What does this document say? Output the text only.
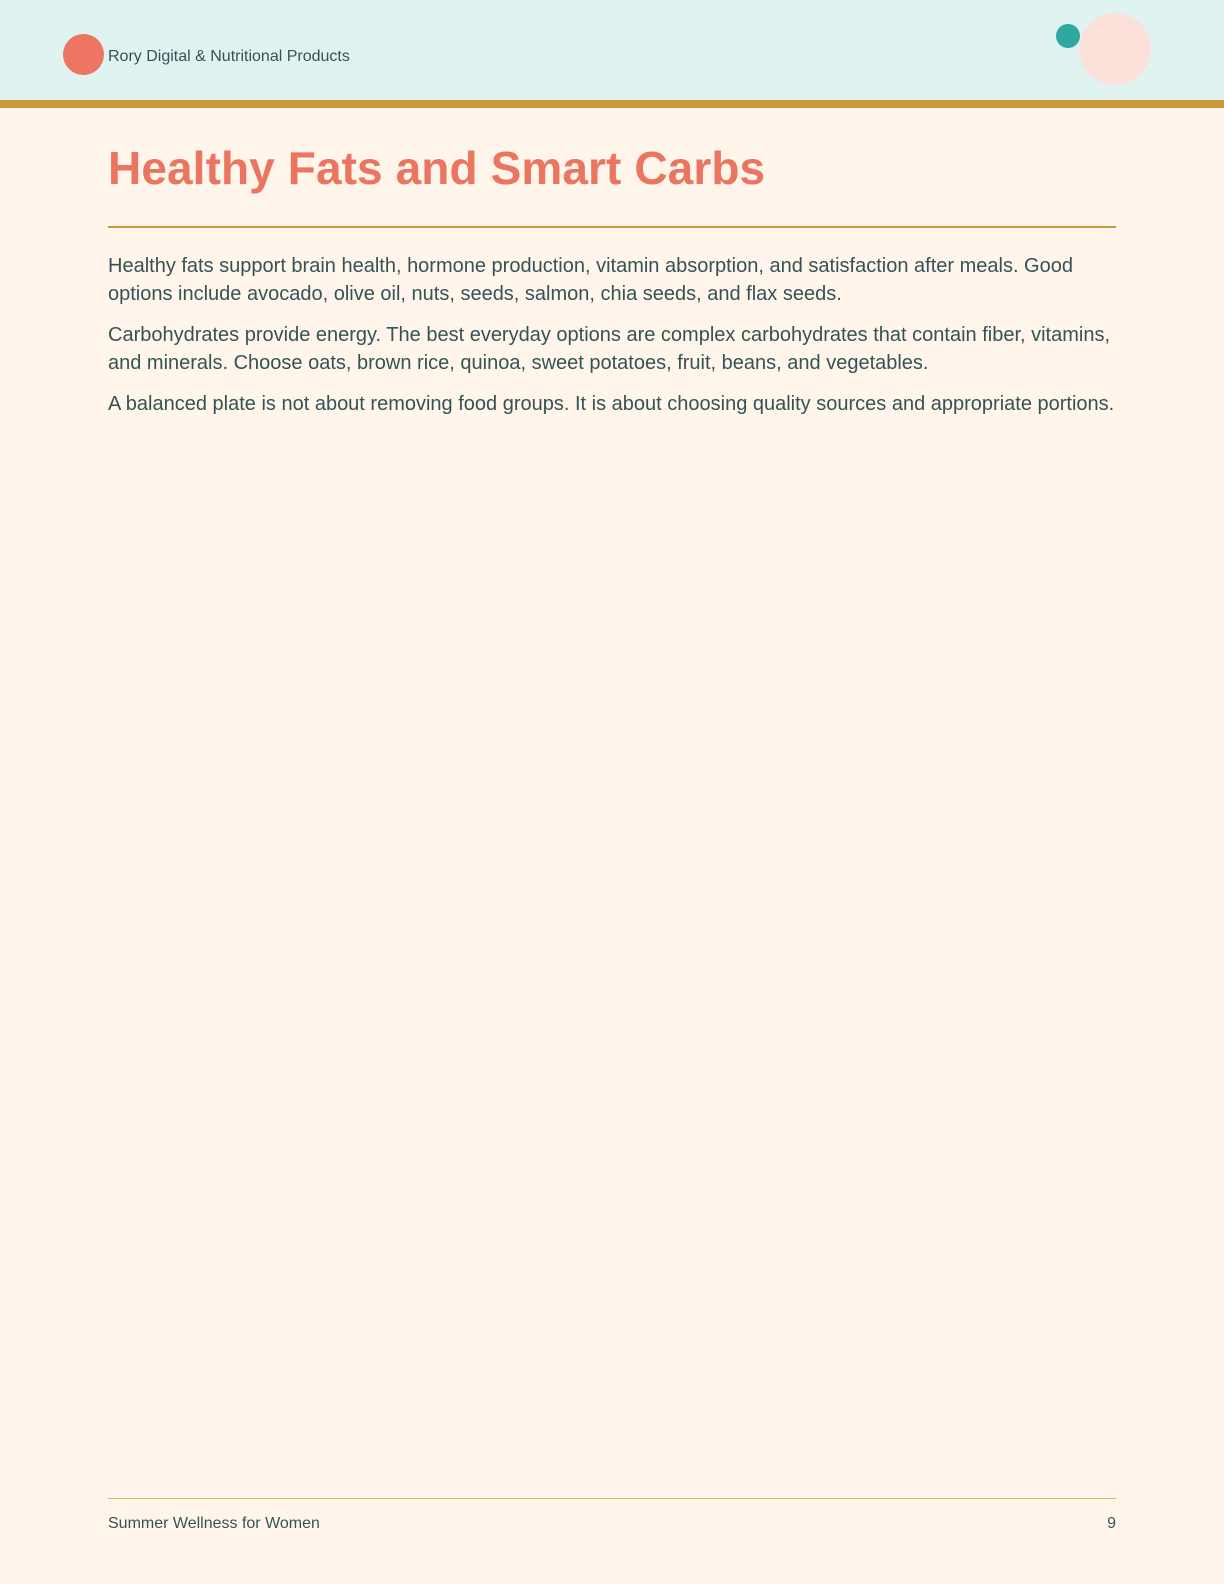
Rory Digital & Nutritional Products
Healthy Fats and Smart Carbs

Healthy fats support brain health, hormone production, vitamin absorption, and satisfaction after meals. Good options include avocado, olive oil, nuts, seeds, salmon, chia seeds, and flax seeds.

Carbohydrates provide energy. The best everyday options are complex carbohydrates that contain fiber, vitamins, and minerals. Choose oats, brown rice, quinoa, sweet potatoes, fruit, beans, and vegetables.

A balanced plate is not about removing food groups. It is about choosing quality sources and appropriate portions.

Summer Wellness for Women	9
